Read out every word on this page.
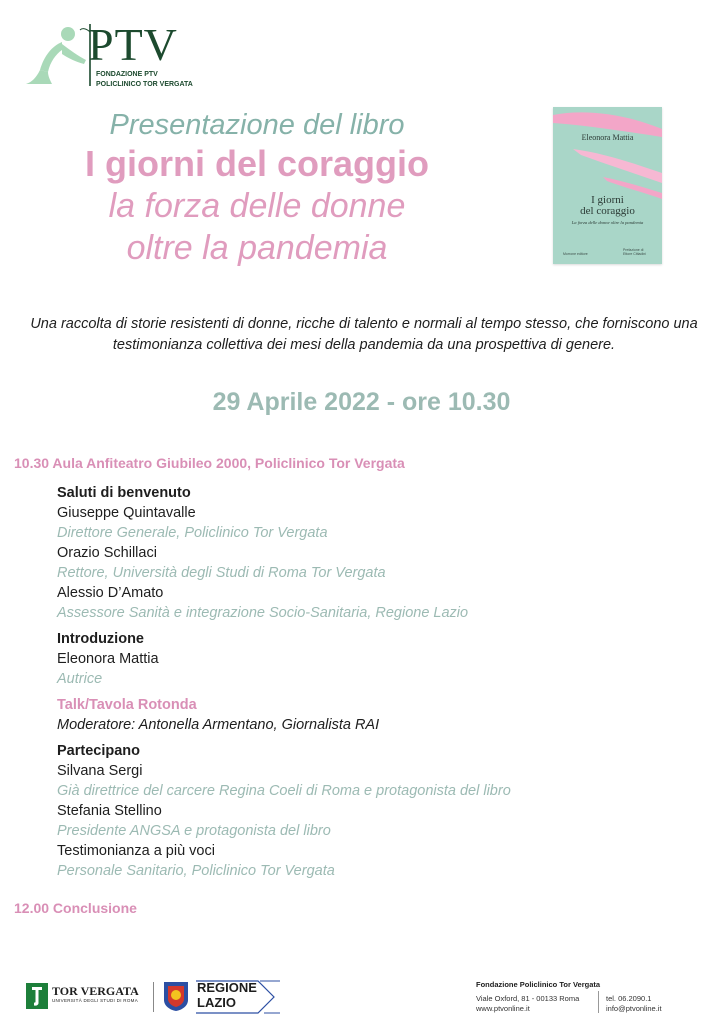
PTV
FONDAZIONE PTV
POLICLINICO TOR VERGATA
Presentazione del libro
I giorni del coraggio
la forza delle donne
oltre la pandemia
Eleonora Mattia
I giorni
del coraggio
La forza delle donne oltre la pandemia
Morrone editore
Prefazione di
Ettore Cittadini
Una raccolta di storie resistenti di donne, ricche di talento e normali al tempo stesso, che forniscono una testimonianza collettiva dei mesi della pandemia da una prospettiva di genere.
29 Aprile 2022 - ore 10.30
10.30 Aula Anfiteatro Giubileo 2000, Policlinico Tor Vergata
Saluti di benvenuto
Giuseppe Quintavalle
Direttore Generale, Policlinico Tor Vergata
Orazio Schillaci
Rettore, Università degli Studi di Roma Tor Vergata
Alessio D’Amato
Assessore Sanità e integrazione Socio-Sanitaria, Regione Lazio
Introduzione
Eleonora Mattia
Autrice
Talk/Tavola Rotonda
Moderatore: Antonella Armentano, Giornalista RAI
Partecipano
Silvana Sergi
Già direttrice del carcere Regina Coeli di Roma e protagonista del libro
Stefania Stellino
Presidente ANGSA e protagonista del libro
Testimonianza a più voci
Personale Sanitario, Policlinico Tor Vergata
12.00 Conclusione
TOR VERGATA
UNIVERSITÀ DEGLI STUDI DI ROMA
REGIONE
LAZIO
Fondazione Policlinico Tor Vergata
Viale Oxford, 81 - 00133 Roma
www.ptvonline.it
tel. 06.2090.1
info@ptvonline.it
